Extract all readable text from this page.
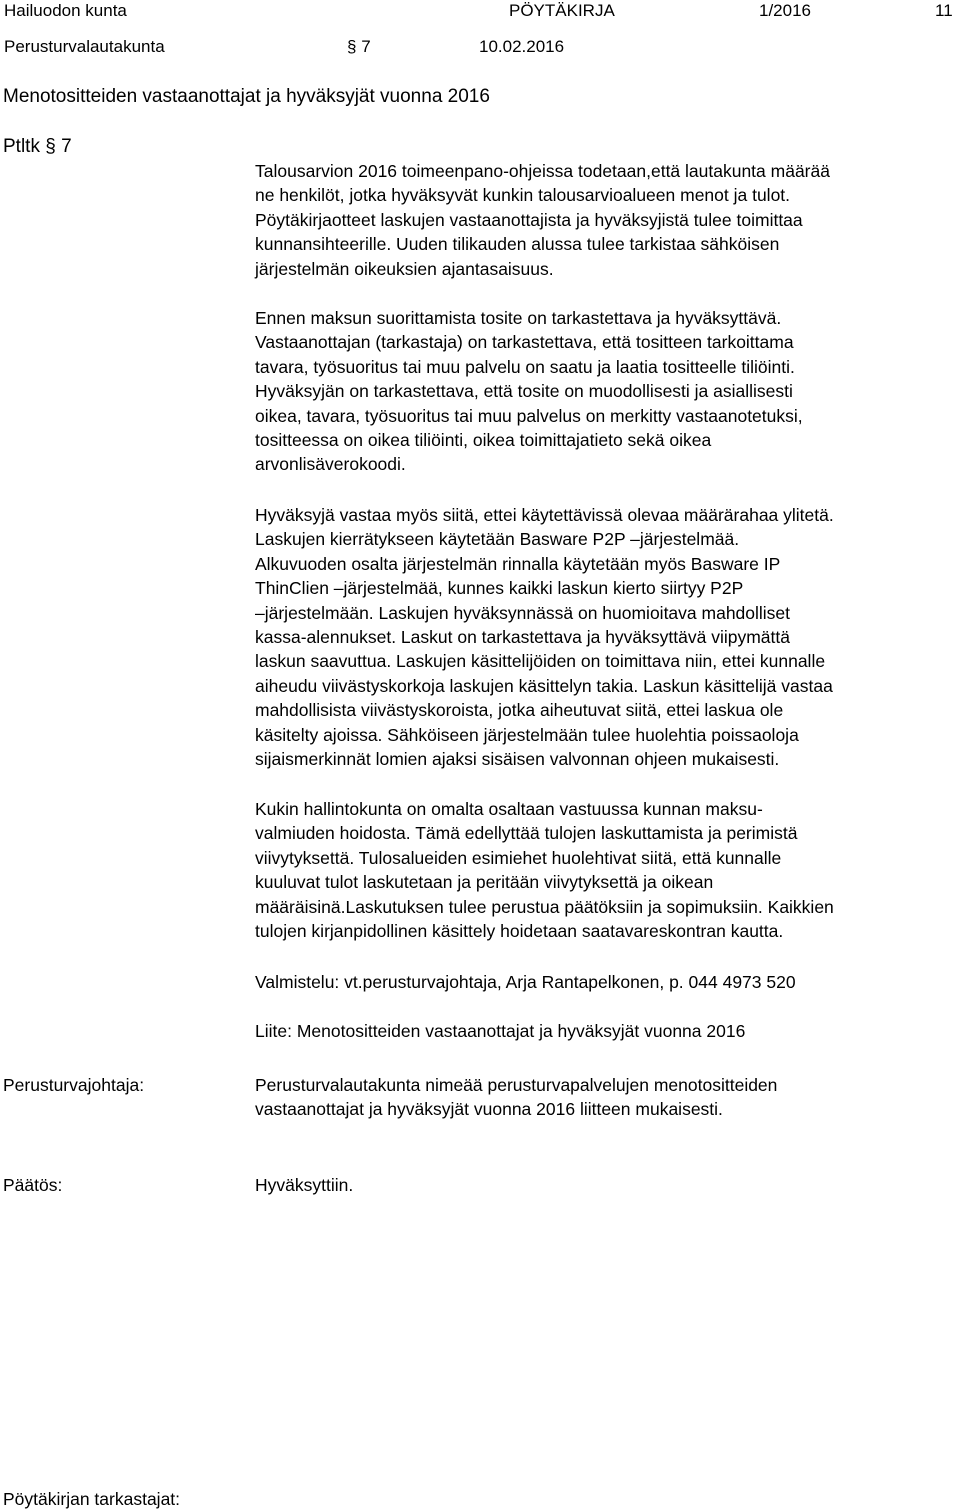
Hailuodon kunta	PÖYTÄKIRJA	1/2016	11
Perusturvalautakunta	§ 7	10.02.2016
Menotositteiden vastaanottajat ja hyväksyjät vuonna 2016
Ptltk § 7

Talousarvion 2016 toimeenpano-ohjeissa todetaan,että lautakunta määrää

ne henkilöt, jotka hyväksyvät kunkin talousarvioalueen menot ja tulot.

Pöytäkirjaotteet laskujen vastaanottajista ja hyväksyjistä tulee toimittaa

kunnansihteerille. Uuden tilikauden alussa tulee tarkistaa sähköisen

järjestelmän oikeuksien ajantasaisuus.

Ennen maksun suorittamista tosite on tarkastettava ja hyväksyttävä.

Vastaanottajan (tarkastaja) on tarkastettava, että tositteen tarkoittama

tavara, työsuoritus tai muu palvelu on saatu ja laatia tositteelle tiliöinti.

Hyväksyjän on tarkastettava, että tosite on muodollisesti ja asiallisesti

oikea, tavara, työsuoritus tai muu palvelus on merkitty vastaanotetuksi,

tositteessa on oikea tiliöinti, oikea toimittajatieto sekä oikea

arvonlisäverokoodi.

Hyväksyjä vastaa myös siitä, ettei käytettävissä olevaa määrärahaa ylitetä.

Laskujen kierrätykseen käytetään Basware P2P –järjestelmää.

Alkuvuoden osalta järjestelmän rinnalla käytetään myös Basware IP

ThinClien –järjestelmää, kunnes kaikki laskun kierto siirtyy P2P

–järjestelmään. Laskujen hyväksynnässä on huomioitava mahdolliset

kassa-alennukset. Laskut on tarkastettava ja hyväksyttävä viipymättä

laskun saavuttua. Laskujen käsittelijöiden on toimittava niin, ettei kunnalle

aiheudu viivästyskorkoja laskujen käsittelyn takia. Laskun käsittelijä vastaa

mahdollisista viivästyskoroista, jotka aiheutuvat siitä, ettei laskua ole

käsitelty ajoissa. Sähköiseen järjestelmään tulee huolehtia poissaoloja

sijaismerkinnät lomien ajaksi sisäisen valvonnan ohjeen mukaisesti.

Kukin hallintokunta on omalta osaltaan vastuussa kunnan maksu-

valmiuden hoidosta. Tämä edellyttää tulojen laskuttamista ja perimistä

viivytyksettä. Tulosalueiden esimiehet huolehtivat siitä, että kunnalle

kuuluvat tulot laskutetaan ja peritään viivytyksettä ja oikean

määräisinä.Laskutuksen tulee perustua päätöksiin ja sopimuksiin. Kaikkien

tulojen kirjanpidollinen käsittely hoidetaan saatavareskontran kautta.

Valmistelu: vt.perusturvajohtaja, Arja Rantapelkonen, p. 044 4973 520

Liite: Menotositteiden vastaanottajat ja hyväksyjät vuonna 2016

Perusturvajohtaja:	Perusturvalautakunta nimeää perusturvapalvelujen menotositteiden

vastaanottajat ja hyväksyjät vuonna 2016 liitteen mukaisesti.

Päätös:	Hyväksyttiin.

Pöytäkirjan tarkastajat:
